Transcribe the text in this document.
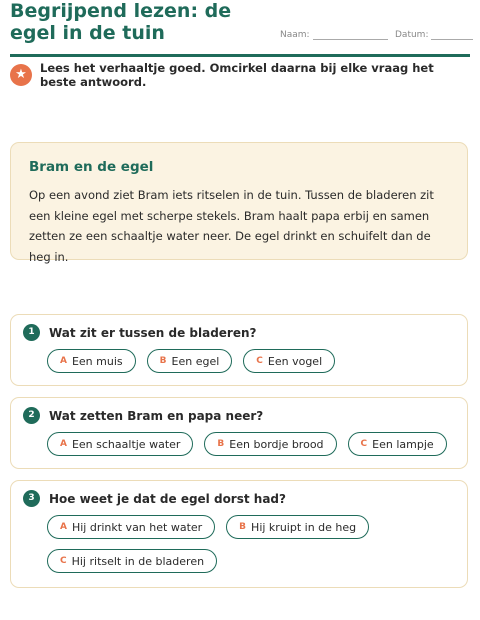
Begrijpend lezen: de egel in de tuin	Naam:	Datum:
★	Lees het verhaaltje goed. Omcirkel daarna bij elke vraag het beste antwoord.
Bram en de egel

Op een avond ziet Bram iets ritselen in de tuin. Tussen de bladeren zit een kleine egel met scherpe stekels. Bram haalt papa erbij en samen zetten ze een schaaltje water neer. De egel drinkt en schuifelt dan de heg in.

1	Wat zit er tussen de bladeren?
A Een muis	B Een egel	C Een vogel
2	Wat zetten Bram en papa neer?
A Een schaaltje water	B Een bordje brood	C Een lampje
3	Hoe weet je dat de egel dorst had?
A Hij drinkt van het water	B Hij kruipt in de heg
C Hij ritselt in de bladeren
